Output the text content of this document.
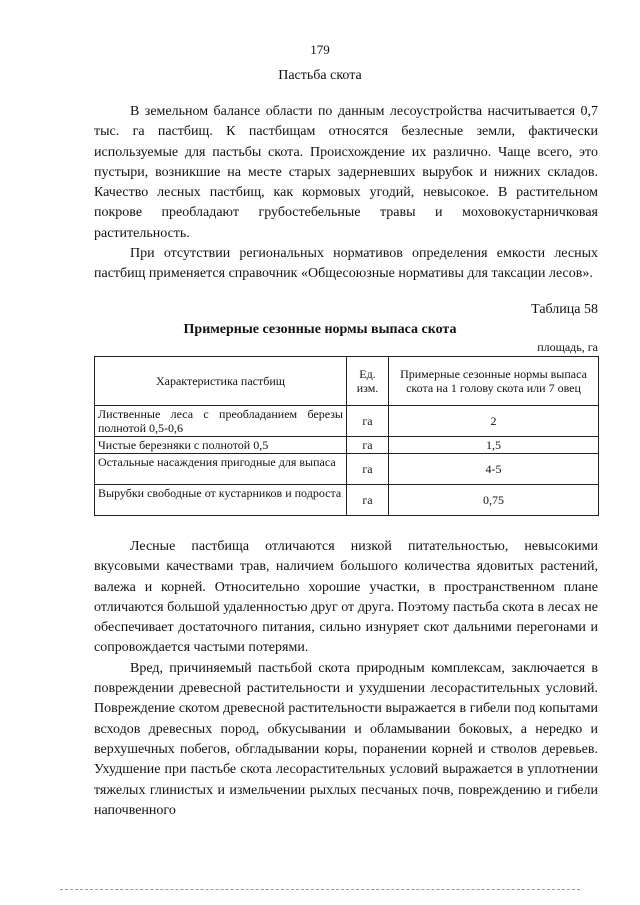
179
Пастьба скота

В земельном балансе области по данным лесоустройства насчитывается 0,7 тыс. га пастбищ. К пастбищам относятся безлесные земли, фактически используемые для пастьбы скота. Происхождение их различно. Чаще всего, это пустыри, возникшие на месте старых задерневших вырубок и нижних складов. Качество лесных пастбищ, как кормовых угодий, невысокое. В растительном покрове преобладают грубостебельные травы и моховокустарничковая растительность.

При отсутствии региональных нормативов определения емкости лесных пастбищ применяется справочник «Общесоюзные нормативы для таксации лесов».

Таблица 58
Примерные сезонные нормы выпаса скота
площадь, га
Характеристика пастбищ	Ед. изм.	Примерные сезонные нормы выпаса скота на 1 голову скота или 7 овец
Лиственные леса с преобладанием березы полнотой 0,5-0,6	га	2
Чистые березняки с полнотой 0,5	га	1,5
Остальные насаждения пригодные для выпаса	га	4-5
Вырубки свободные от кустарников и подроста	га	0,75

Лесные пастбища отличаются низкой питательностью, невысокими вкусовыми качествами трав, наличием большого количества ядовитых растений, валежа и корней. Относительно хорошие участки, в пространственном плане отличаются большой удаленностью друг от друга. Поэтому пастьба скота в лесах не обеспечивает достаточного питания, сильно изнуряет скот дальними перегонами и сопровождается частыми потерями.

Вред, причиняемый пастьбой скота природным комплексам, заключается в повреждении древесной растительности и ухудшении лесорастительных условий. Повреждение скотом древесной растительности выражается в гибели под копытами всходов древесных пород, обкусывании и обламывании боковых, а нередко и верхушечных побегов, обгладывании коры, поранении корней и стволов деревьев. Ухудшение при пастьбе скота лесорастительных условий выражается в уплотнении тяжелых глинистых и измельчении рыхлых песчаных почв, повреждению и гибели напочвенного
